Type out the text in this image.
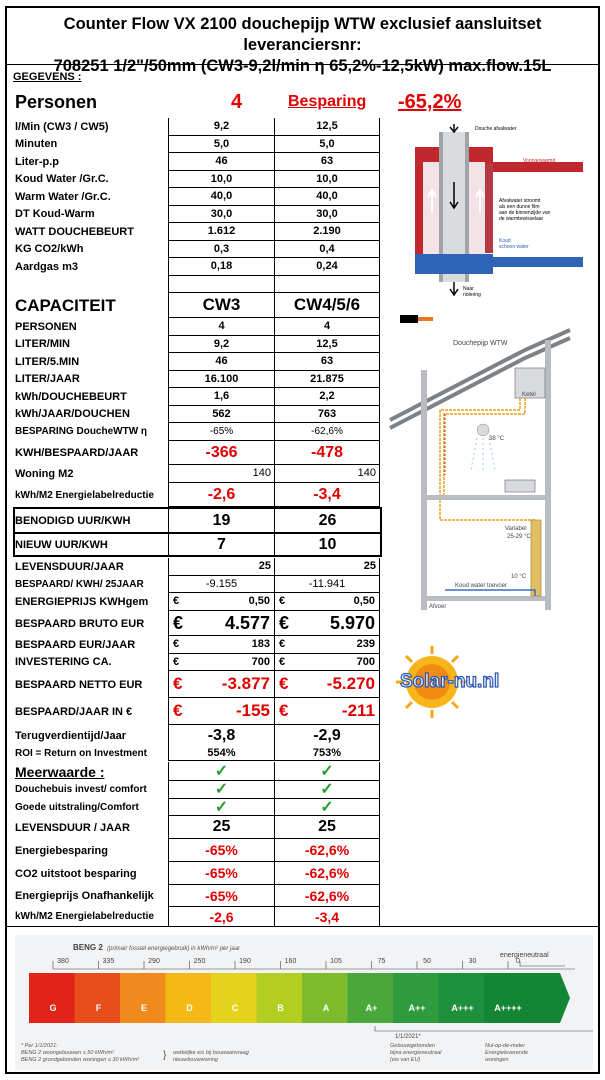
Counter Flow VX 2100 douchepijp WTW exclusief aansluitset leveranciersnr:
708251 1/2"/50mm (CW3-9,2l/min η 65,2%-12,5kW) max.flow.15L
GEGEVENS :
Personen	4	Besparing -65,2%
l/Min (CW3 / CW5)	9,2	12,5
Minuten	5,0	5,0
Liter-p.p	46	63
Koud Water /Gr.C.	10,0	10,0
Warm Water /Gr.C.	40,0	40,0
DT Koud-Warm	30,0	30,0
WATT DOUCHEBEURT	1.612	2.190
KG CO2/kWh	0,3	0,4
Aardgas m3	0,18	0,24
CAPACITEIT	CW3	CW4/5/6
PERSONEN	4	4
LITER/MIN	9,2	12,5
LITER/5.MIN	46	63
LITER/JAAR	16.100	21.875
kWh/DOUCHEBEURT	1,6	2,2
kWh/JAAR/DOUCHEN	562	763
BESPARING DoucheWTW η	-65%	-62,6%
KWH/BESPAARD/JAAR	-366	-478
Woning M2	140	140
kWh/M2 Energielabelreductie	-2,6	-3,4
BENODIGD UUR/KWH	19	26
NIEUW UUR/KWH	7	10
LEVENSDUUR/JAAR	25	25
BESPAARD/ KWH/ 25JAAR	-9.155	-11.941
ENERGIEPRIJS KWHgem	€	0,50 €	0,50
BESPAARD BRUTO EUR	€ 4.577 € 5.970
BESPAARD EUR/JAAR	€	183 €	239
INVESTERING CA.	€	700 €	700
BESPAARD NETTO EUR	€ -3.877 € -5.270
BESPAARD/JAAR IN €	€	-155 €	-211
Terugverdientijd/Jaar	-3,8	-2,9
ROI = Return on Investment	554%	753%
Meerwaarde :	✓	✓
Douchebuis invest/ comfort	✓	✓
Goede uitstraling/Comfort	✓	✓
LEVENSDUUR / JAAR	25	25
Energiebesparing	-65%	-62,6%
CO2 uitstoot besparing	-65%	-62,6%
Energieprijs Onafhankelijk	-65%	-62,6%
kWh/M2 Energielabelreductie	-2,6	-3,4
Douche afvalwater
Voorverwarmd
schoon water
Afvalwater stroomt
als een dunne film
aan de binnenzijde van
de warmtewisselaar
Koud
schoon water
Naar
riolering
Douchepijp WTW
Ketel
38 °C
Variabel
25-29 °C
10 °C
Koud water toevoer
Afvoer
Solar-nu.nl
BENG 2 (primair fossiel energiegebruik) in kWh/m² per jaar
energieneutraal
380	335	290	250	190	160	105	75	50	30	0
G	F	E	D	C	B	A	A+	A++	A+++ A++++
1/1/2021*
* Per 1/1/2021:
BENG 2 woongebouwen ≤ 50 kWh/m²
BENG 2 grondgebonden woningen ≤ 30 kWh/m² } wettelijke eis bij bouwaanvraag
nieuwbouwwoning
Gebouwgebonden
bijna energieneutraal
(eis van EU)
Nul-op-de-meter
Energieleverende
woningen
